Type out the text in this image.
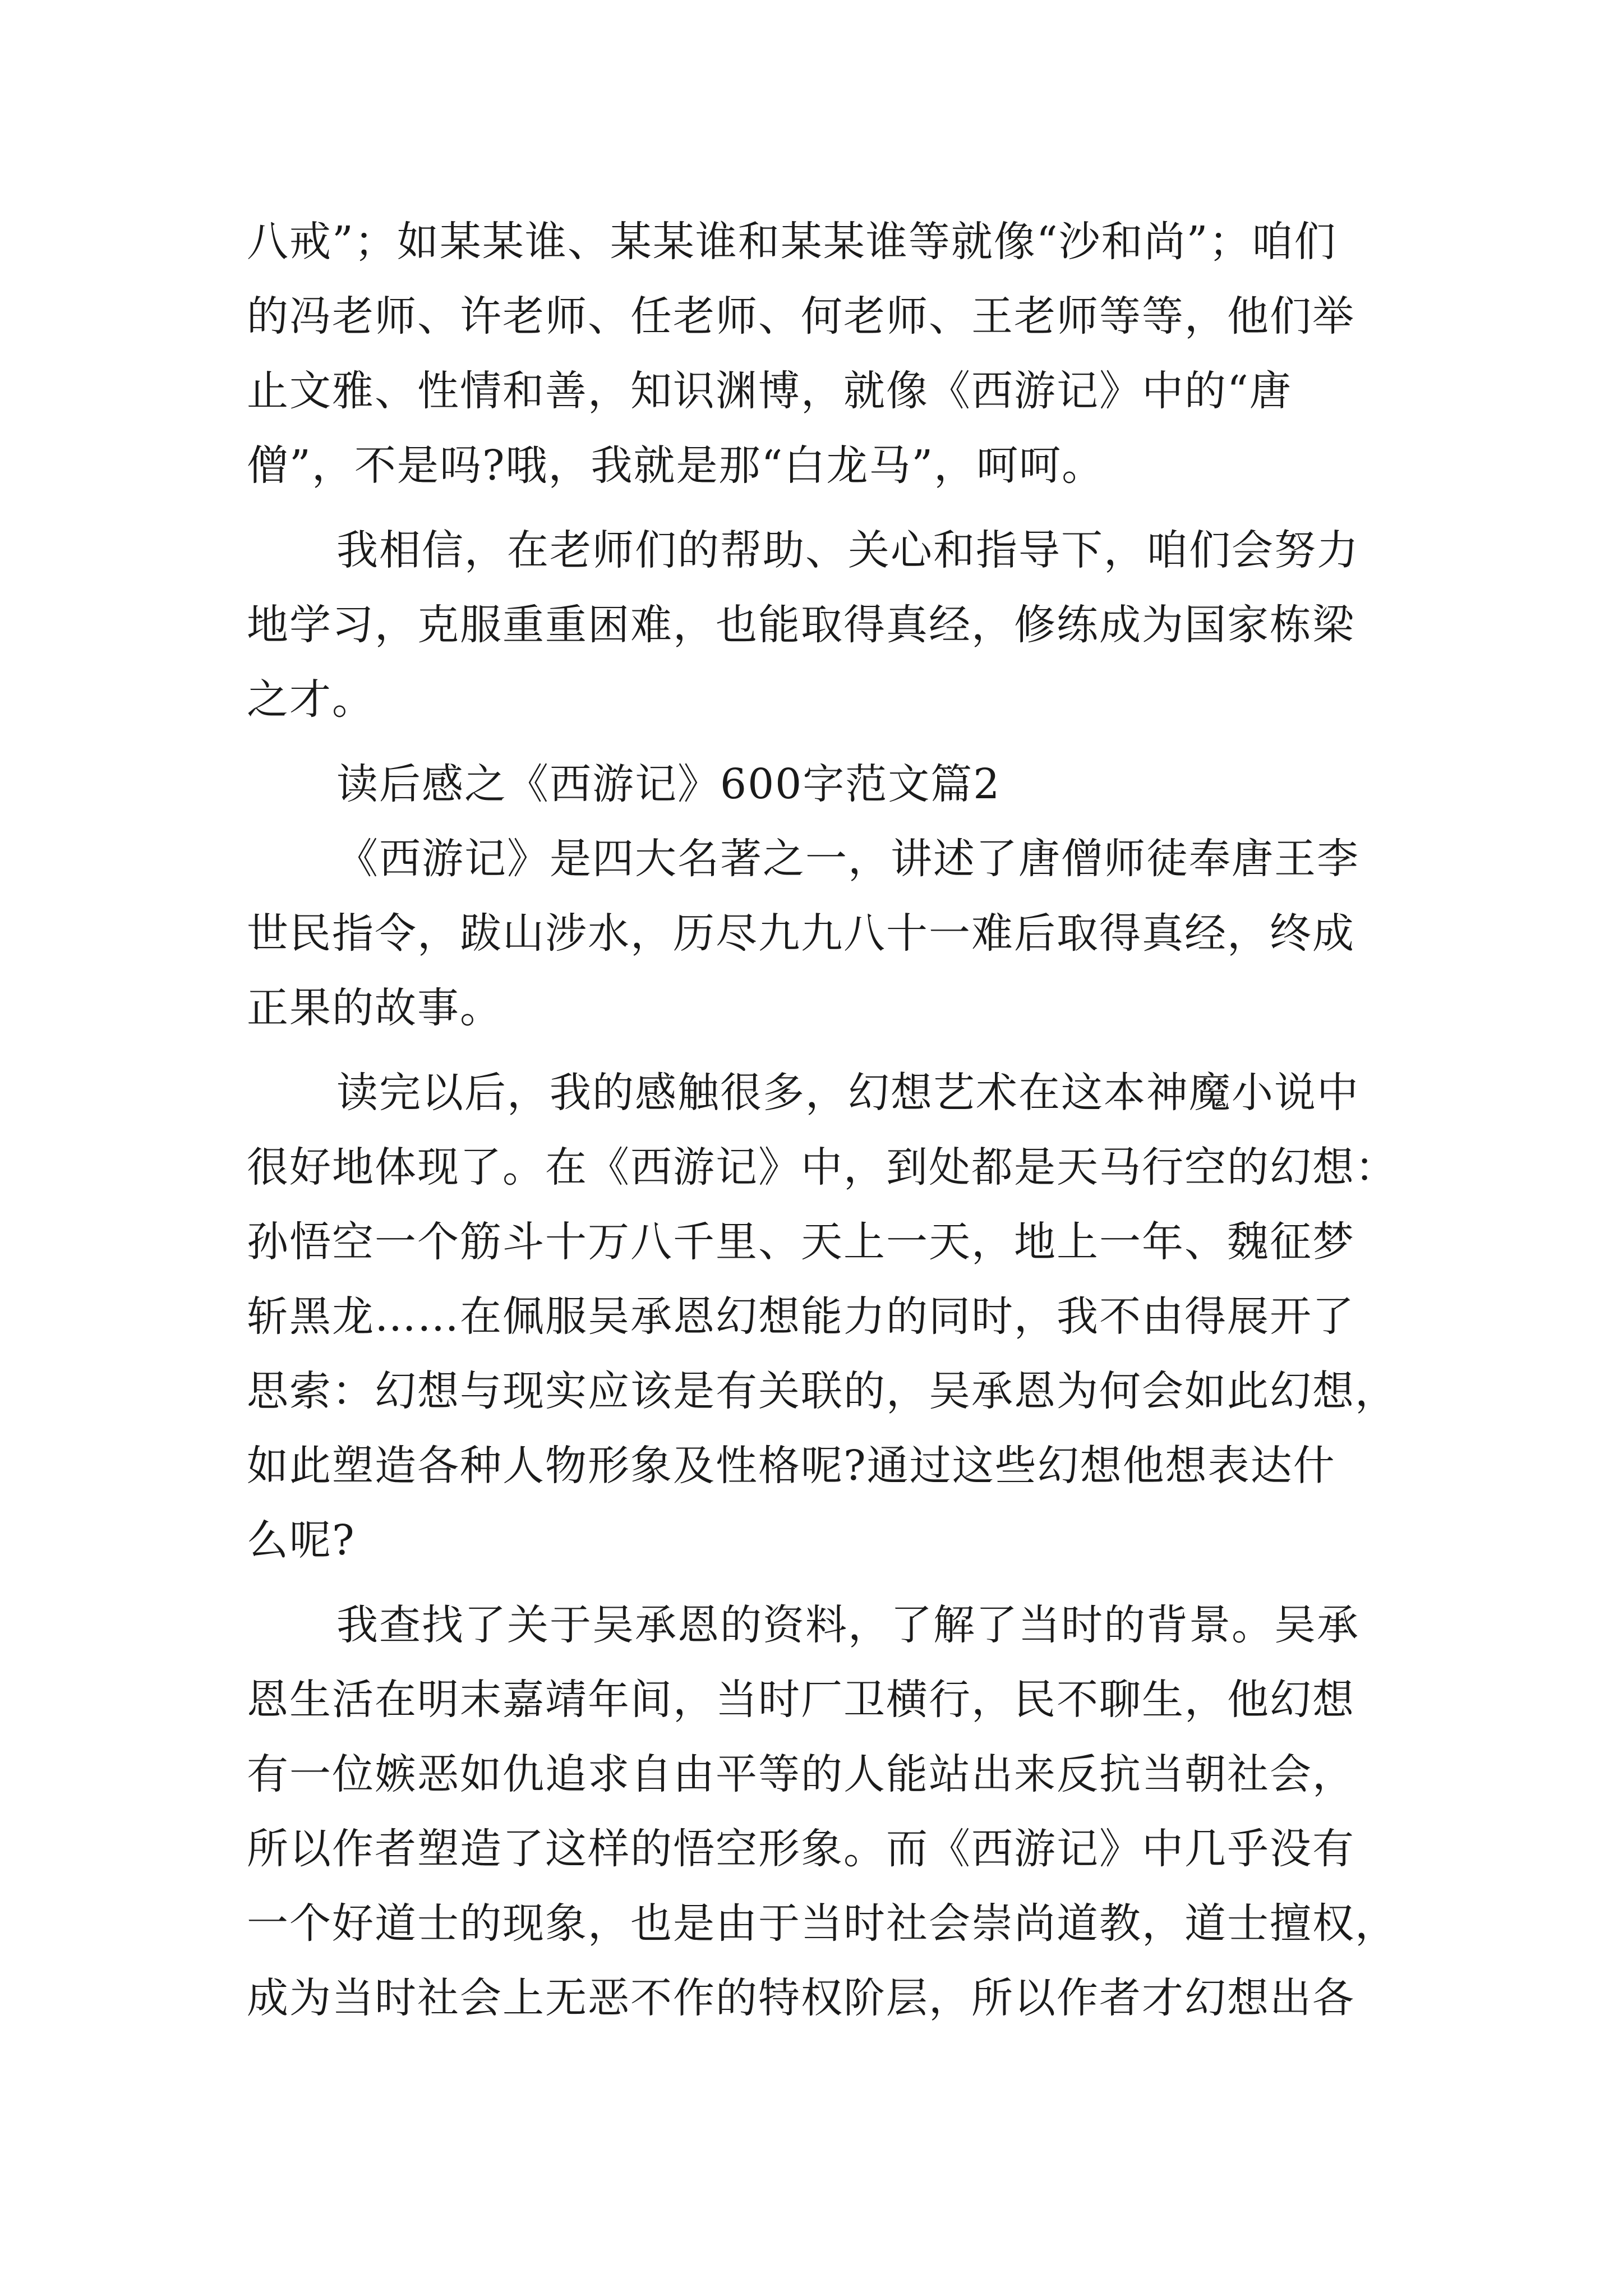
八戒”；如某某谁、某某谁和某某谁等就像“沙和尚”；咱们
的冯老师、许老师、任老师、何老师、王老师等等，他们举
止文雅、性情和善，知识渊博，就像《西游记》中的“唐
僧”，不是吗?哦，我就是那“白龙马”，呵呵。
我相信，在老师们的帮助、关心和指导下，咱们会努力
地学习，克服重重困难，也能取得真经，修练成为国家栋梁
之才。
读后感之《西游记》600字范文篇2
《西游记》是四大名著之一，讲述了唐僧师徒奉唐王李
世民指令，跋山涉水，历尽九九八十一难后取得真经，终成
正果的故事。
读完以后，我的感触很多，幻想艺术在这本神魔小说中
很好地体现了。在《西游记》中，到处都是天马行空的幻想：
孙悟空一个筋斗十万八千里、天上一天，地上一年、魏征梦
斩黑龙……在佩服吴承恩幻想能力的同时，我不由得展开了
思索：幻想与现实应该是有关联的，吴承恩为何会如此幻想，
如此塑造各种人物形象及性格呢?通过这些幻想他想表达什
么呢?
我查找了关于吴承恩的资料，了解了当时的背景。吴承
恩生活在明末嘉靖年间，当时厂卫横行，民不聊生，他幻想
有一位嫉恶如仇追求自由平等的人能站出来反抗当朝社会，
所以作者塑造了这样的悟空形象。而《西游记》中几乎没有
一个好道士的现象，也是由于当时社会崇尚道教，道士擅权，
成为当时社会上无恶不作的特权阶层，所以作者才幻想出各
